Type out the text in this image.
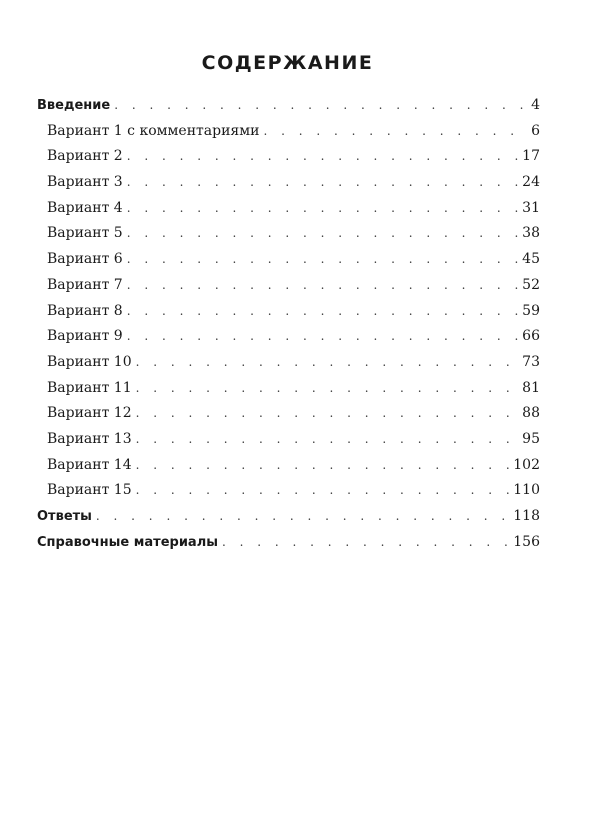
СОДЕРЖАНИЕ
Введение . . .	4
Вариант 1 с комментариями . . .	6
Вариант 2 . . .	17
Вариант 3 . . .	24
Вариант 4 . . .	31
Вариант 5 . . .	38
Вариант 6 . . .	45
Вариант 7 . . .	52
Вариант 8 . . .	59
Вариант 9 . . .	66
Вариант 10 . . .	73
Вариант 11 . . .	81
Вариант 12 . . .	88
Вариант 13 . . .	95
Вариант 14 . . .	102
Вариант 15 . . .	110
Ответы . . .	118
Справочные материалы . . .	156
